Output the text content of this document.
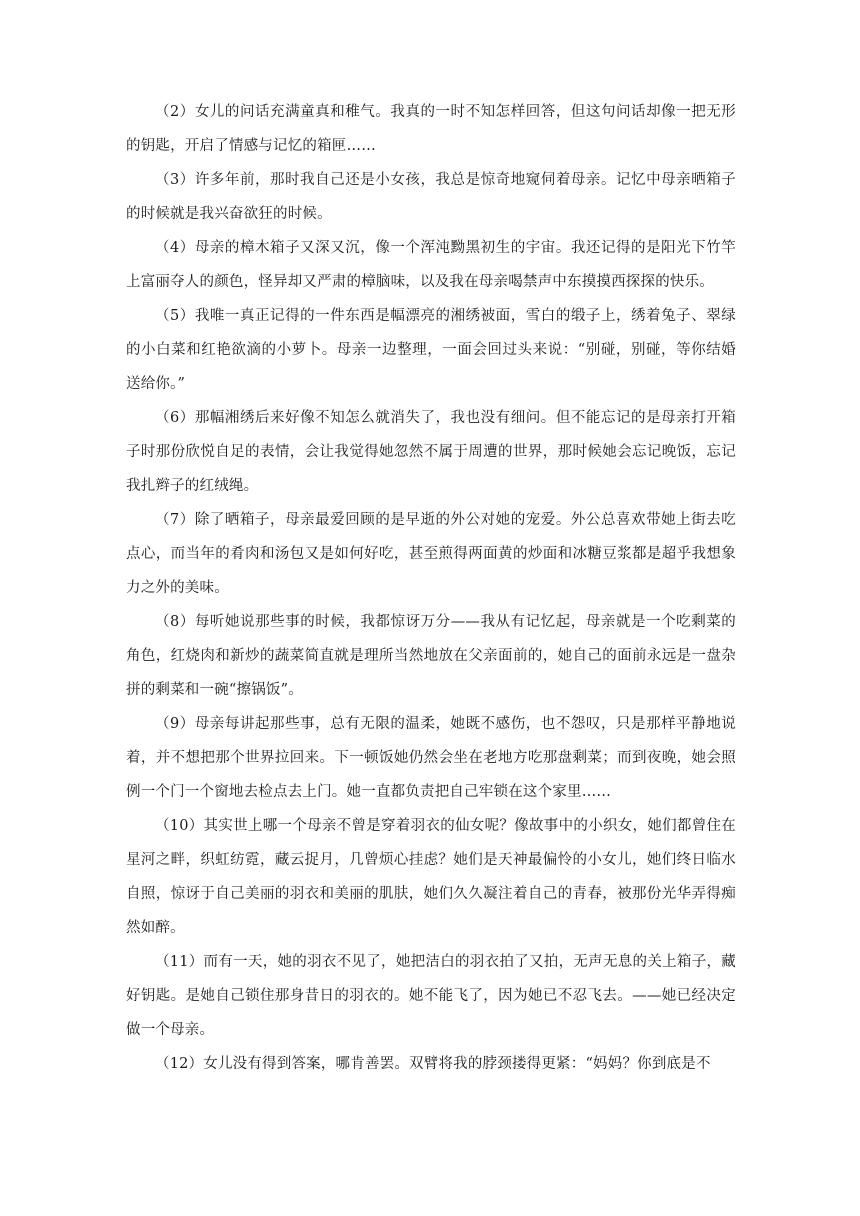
（2）女儿的问话充满童真和稚气。我真的一时不知怎样回答，但这句问话却像一把无形的钥匙，开启了情感与记忆的箱匣……

（3）许多年前，那时我自己还是小女孩，我总是惊奇地窥伺着母亲。记忆中母亲晒箱子的时候就是我兴奋欲狂的时候。

（4）母亲的樟木箱子又深又沉，像一个浑沌黝黑初生的宇宙。我还记得的是阳光下竹竿上富丽夺人的颜色，怪异却又严肃的樟脑味，以及我在母亲喝禁声中东摸摸西探探的快乐。

（5）我唯一真正记得的一件东西是幅漂亮的湘绣被面，雪白的缎子上，绣着兔子、翠绿的小白菜和红艳欲滴的小萝卜。母亲一边整理，一面会回过头来说：“别碰，别碰，等你结婚送给你。”

（6）那幅湘绣后来好像不知怎么就消失了，我也没有细问。但不能忘记的是母亲打开箱子时那份欣悦自足的表情，会让我觉得她忽然不属于周遭的世界，那时候她会忘记晚饭，忘记我扎辫子的红绒绳。

（7）除了晒箱子，母亲最爱回顾的是早逝的外公对她的宠爱。外公总喜欢带她上街去吃点心，而当年的肴肉和汤包又是如何好吃，甚至煎得两面黄的炒面和冰糖豆浆都是超乎我想象力之外的美味。

（8）每听她说那些事的时候，我都惊讶万分——我从有记忆起，母亲就是一个吃剩菜的角色，红烧肉和新炒的蔬菜简直就是理所当然地放在父亲面前的，她自己的面前永远是一盘杂拼的剩菜和一碗“擦锅饭”。

（9）母亲每讲起那些事，总有无限的温柔，她既不感伤，也不怨叹，只是那样平静地说着，并不想把那个世界拉回来。下一顿饭她仍然会坐在老地方吃那盘剩菜；而到夜晚，她会照例一个门一个窗地去检点去上门。她一直都负责把自己牢锁在这个家里……

（10）其实世上哪一个母亲不曾是穿着羽衣的仙女呢？像故事中的小织女，她们都曾住在星河之畔，织虹纺霓，藏云捉月，几曾烦心挂虑？她们是天神最偏怜的小女儿，她们终日临水自照，惊讶于自己美丽的羽衣和美丽的肌肤，她们久久凝注着自己的青春，被那份光华弄得痴然如醉。

（11）而有一天，她的羽衣不见了，她把洁白的羽衣拍了又拍，无声无息的关上箱子，藏好钥匙。是她自己锁住那身昔日的羽衣的。她不能飞了，因为她已不忍飞去。——她已经决定做一个母亲。

（12）女儿没有得到答案，哪肯善罢。双臂将我的脖颈搂得更紧：“妈妈？你到底是不
